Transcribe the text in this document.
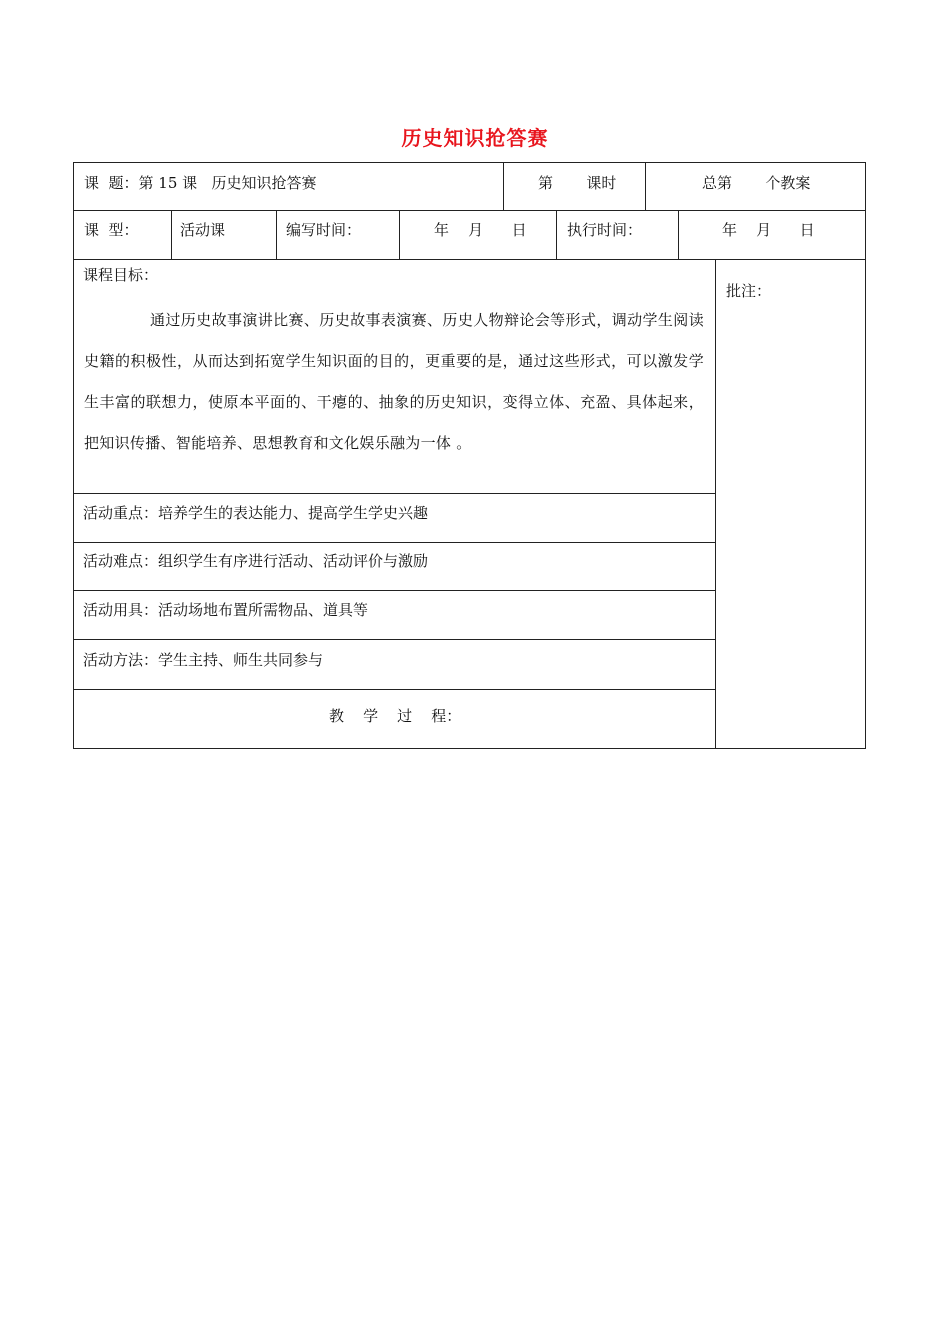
历史知识抢答赛
课  题：第 15 课   历史知识抢答赛	第       课时	总第       个教案
课  型：	活动课	编写时间：	年    月      日	执行时间：	年    月      日
课程目标：
通过历史故事演讲比赛、历史故事表演赛、历史人物辩论会等形式，调动学生阅读史籍的积极性，从而达到拓宽学生知识面的目的，更重要的是，通过这些形式，可以激发学生丰富的联想力，使原本平面的、干瘪的、抽象的历史知识，变得立体、充盈、具体起来，把知识传播、智能培养、思想教育和文化娱乐融为一体 。
批注：
活动重点：培养学生的表达能力、提高学生学史兴趣
活动难点：组织学生有序进行活动、活动评价与激励
活动用具：活动场地布置所需物品、道具等
活动方法：学生主持、师生共同参与
教    学    过    程：
